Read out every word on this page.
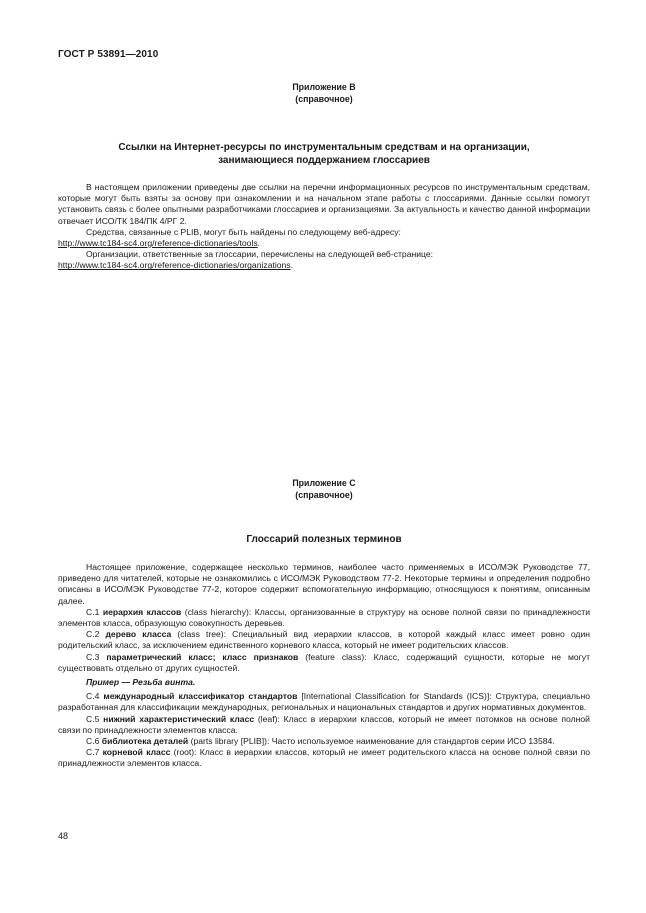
ГОСТ Р 53891—2010
Приложение В
(справочное)
Ссылки на Интернет-ресурсы по инструментальным средствам и на организации,
занимающиеся поддержанием глоссариев

В настоящем приложении приведены две ссылки на перечни информационных ресурсов по инструментальным средствам, которые могут быть взяты за основу при ознакомлении и на начальном этапе работы с глоссариями. Данные ссылки помогут установить связь с более опытными разработчиками глоссариев и организациями. За актуальность и качество данной информации отвечает ИСО/ТК 184/ПК 4/РГ 2.

Средства, связанные с PLIB, могут быть найдены по следующему веб-адресу:

http://www.tc184-sc4.org/reference-dictionaries/tools.

Организации, ответственные за глоссарии, перечислены на следующей веб-странице:

http://www.tc184-sc4.org/reference-dictionaries/organizations.

Приложение С
(справочное)
Глоссарий полезных терминов

Настоящее приложение, содержащее несколько терминов, наиболее часто применяемых в ИСО/МЭК Руководстве 77, приведено для читателей, которые не ознакомились с ИСО/МЭК Руководством 77-2. Некоторые термины и определения подробно описаны в ИСО/МЭК Руководстве 77-2, которое содержит вспомогательную информацию, относящуюся к понятиям, описанным далее.

С.1 иерархия классов (class hierarchy): Классы, организованные в структуру на основе полной связи по принадлежности элементов класса, образующую совокупность деревьев.

С.2 дерево класса (class tree): Специальный вид иерархии классов, в которой каждый класс имеет ровно один родительский класс, за исключением единственного корневого класса, который не имеет родительских классов.

С.3 параметрический класс; класс признаков (feature class): Класс, содержащий сущности, которые не могут существовать отдельно от других сущностей.

Пример — Резьба винта.

С.4 международный классификатор стандартов [International Classification for Standards (ICS)]: Структура, специально разработанная для классификации международных, региональных и национальных стандартов и других нормативных документов.

С.5 нижний характеристический класс (leaf): Класс в иерархии классов, который не имеет потомков на основе полной связи по принадлежности элементов класса.

С.6 библиотека деталей (parts library [PLIB]): Часто используемое наименование для стандартов серии ИСО 13584.

С.7 корневой класс (root): Класс в иерархии классов, который не имеет родительского класса на основе полной связи по принадлежности элементов класса.

48
